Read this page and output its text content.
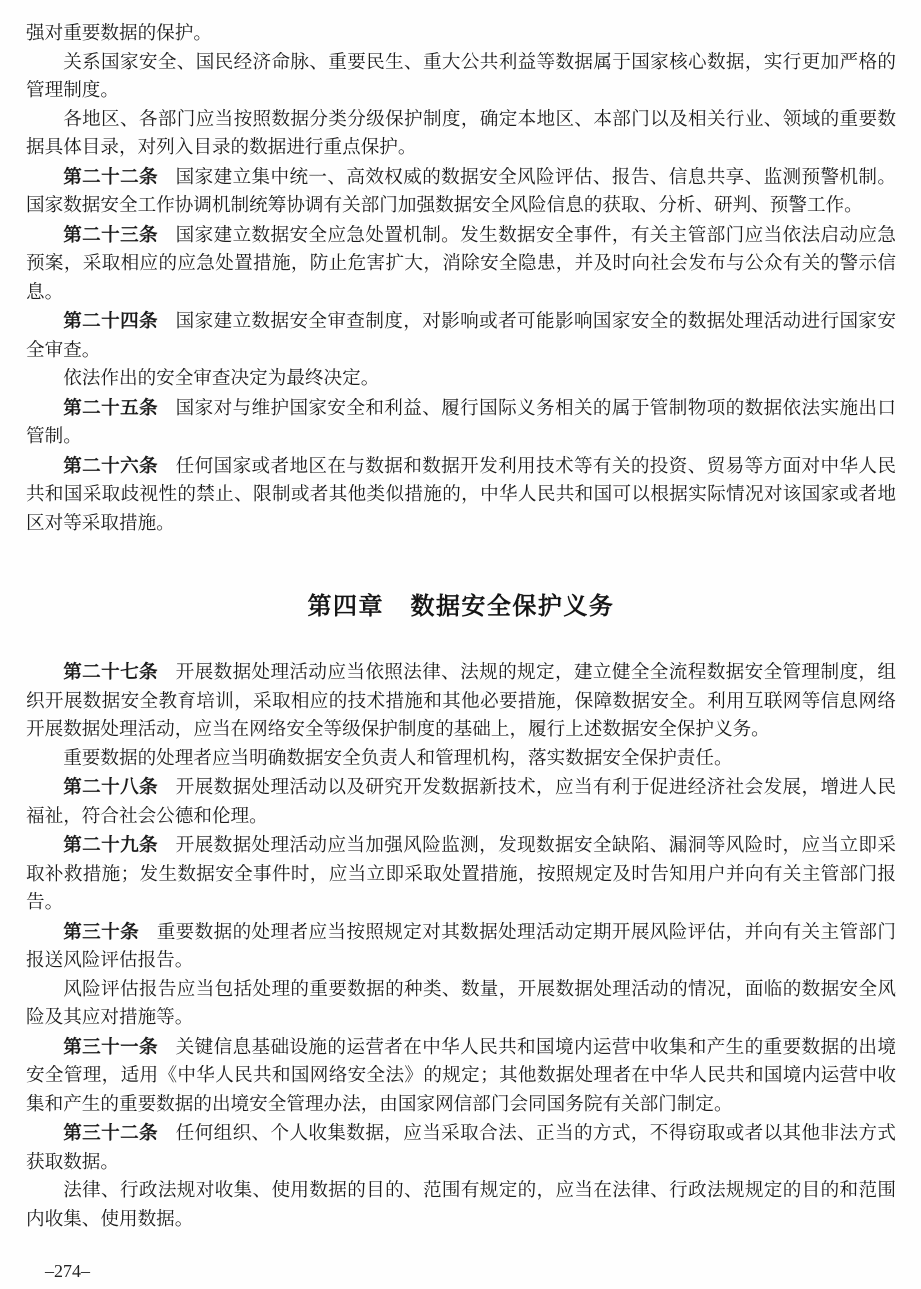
强对重要数据的保护。

关系国家安全、国民经济命脉、重要民生、重大公共利益等数据属于国家核心数据，实行更加严格的管理制度。

各地区、各部门应当按照数据分类分级保护制度，确定本地区、本部门以及相关行业、领域的重要数据具体目录，对列入目录的数据进行重点保护。

第二十二条 国家建立集中统一、高效权威的数据安全风险评估、报告、信息共享、监测预警机制。国家数据安全工作协调机制统筹协调有关部门加强数据安全风险信息的获取、分析、研判、预警工作。

第二十三条 国家建立数据安全应急处置机制。发生数据安全事件，有关主管部门应当依法启动应急预案，采取相应的应急处置措施，防止危害扩大，消除安全隐患，并及时向社会发布与公众有关的警示信息。

第二十四条 国家建立数据安全审查制度，对影响或者可能影响国家安全的数据处理活动进行国家安全审查。

依法作出的安全审查决定为最终决定。

第二十五条 国家对与维护国家安全和利益、履行国际义务相关的属于管制物项的数据依法实施出口管制。

第二十六条 任何国家或者地区在与数据和数据开发利用技术等有关的投资、贸易等方面对中华人民共和国采取歧视性的禁止、限制或者其他类似措施的，中华人民共和国可以根据实际情况对该国家或者地区对等采取措施。

第四章 数据安全保护义务

第二十七条 开展数据处理活动应当依照法律、法规的规定，建立健全全流程数据安全管理制度，组织开展数据安全教育培训，采取相应的技术措施和其他必要措施，保障数据安全。利用互联网等信息网络开展数据处理活动，应当在网络安全等级保护制度的基础上，履行上述数据安全保护义务。

重要数据的处理者应当明确数据安全负责人和管理机构，落实数据安全保护责任。

第二十八条 开展数据处理活动以及研究开发数据新技术，应当有利于促进经济社会发展，增进人民福祉，符合社会公德和伦理。

第二十九条 开展数据处理活动应当加强风险监测，发现数据安全缺陷、漏洞等风险时，应当立即采取补救措施；发生数据安全事件时，应当立即采取处置措施，按照规定及时告知用户并向有关主管部门报告。

第三十条 重要数据的处理者应当按照规定对其数据处理活动定期开展风险评估，并向有关主管部门报送风险评估报告。

风险评估报告应当包括处理的重要数据的种类、数量，开展数据处理活动的情况，面临的数据安全风险及其应对措施等。

第三十一条 关键信息基础设施的运营者在中华人民共和国境内运营中收集和产生的重要数据的出境安全管理，适用《中华人民共和国网络安全法》的规定；其他数据处理者在中华人民共和国境内运营中收集和产生的重要数据的出境安全管理办法，由国家网信部门会同国务院有关部门制定。

第三十二条 任何组织、个人收集数据，应当采取合法、正当的方式，不得窃取或者以其他非法方式获取数据。

法律、行政法规对收集、使用数据的目的、范围有规定的，应当在法律、行政法规规定的目的和范围内收集、使用数据。

–274–
